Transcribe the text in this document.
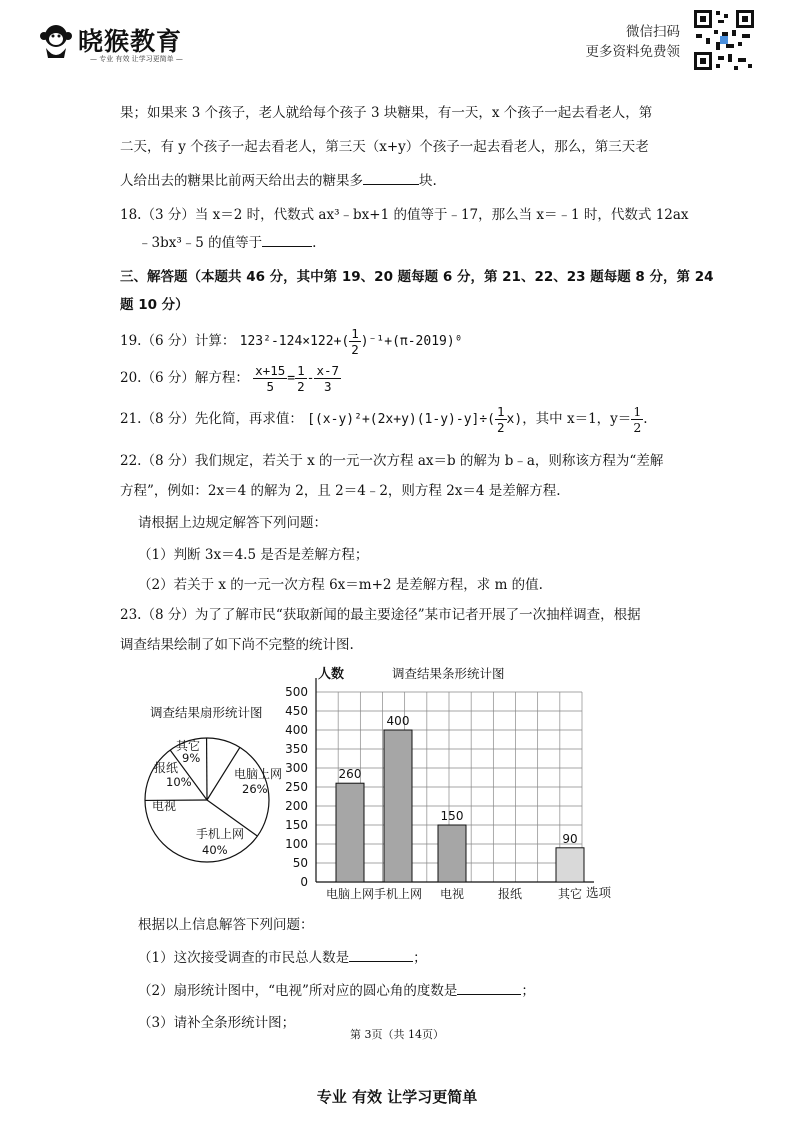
晓猴教育
— 专业 有效 让学习更简单 —
微信扫码
更多资料免费领
果；如果来 3 个孩子，老人就给每个孩子 3 块糖果，有一天，x 个孩子一起去看老人，第
二天，有 y 个孩子一起去看老人，第三天（x+y）个孩子一起去看老人，那么，第三天老
人给出去的糖果比前两天给出去的糖果多	块.
18.（3 分）当 x＝2 时，代数式 ax³﹣bx+1 的值等于﹣17，那么当 x＝﹣1 时，代数式 12ax
﹣3bx³﹣5 的值等于	.
三、解答题（本题共 46 分，其中第 19、20 题每题 6 分，第 21、22、23 题每题 8 分，第 24
题 10 分）
19.（6 分）计算： $123^2-124\times 122+( \frac{1}{2} )^{-1}+(\pi-2019)^0$
20.（6 分）解方程： $\frac{x+15}{5} = \frac{1}{2} - \frac{x-7}{3}$
21.（8 分）先化简，再求值： $[(x-y)^2+(2x+y)(1-y)-y]\div( \frac{1}{2} x)$，其中 x＝1，$y= \frac{1}{2}$ .
22.（8 分）我们规定，若关于 x 的一元一次方程 ax＝b 的解为 b﹣a，则称该方程为“差解
方程”，例如：2x＝4 的解为 2，且 2＝4﹣2，则方程 2x＝4 是差解方程.
请根据上边规定解答下列问题：
（1）判断 3x＝4.5 是否是差解方程；
（2）若关于 x 的一元一次方程 6x＝m+2 是差解方程，求 m 的值.
23.（8 分）为了了解市民“获取新闻的最主要途径”某市记者开展了一次抽样调查，根据
调查结果绘制了如下尚不完整的统计图.
调查结果扇形统计图
电脑上网
26%
手机上网
40%
电视
报纸
10%
其它
9%
人数	调查结果条形统计图
0
50
100
150
200
250
300
350
400
450
500
260
400
150
90
电脑上网 手机上网 电视	报纸	其它 选项
根据以上信息解答下列问题：
（1）这次接受调查的市民总人数是	；
（2）扇形统计图中，“电视”所对应的圆心角的度数是	；
（3）请补全条形统计图；
第 3页（共 14页）
专业 有效 让学习更简单
